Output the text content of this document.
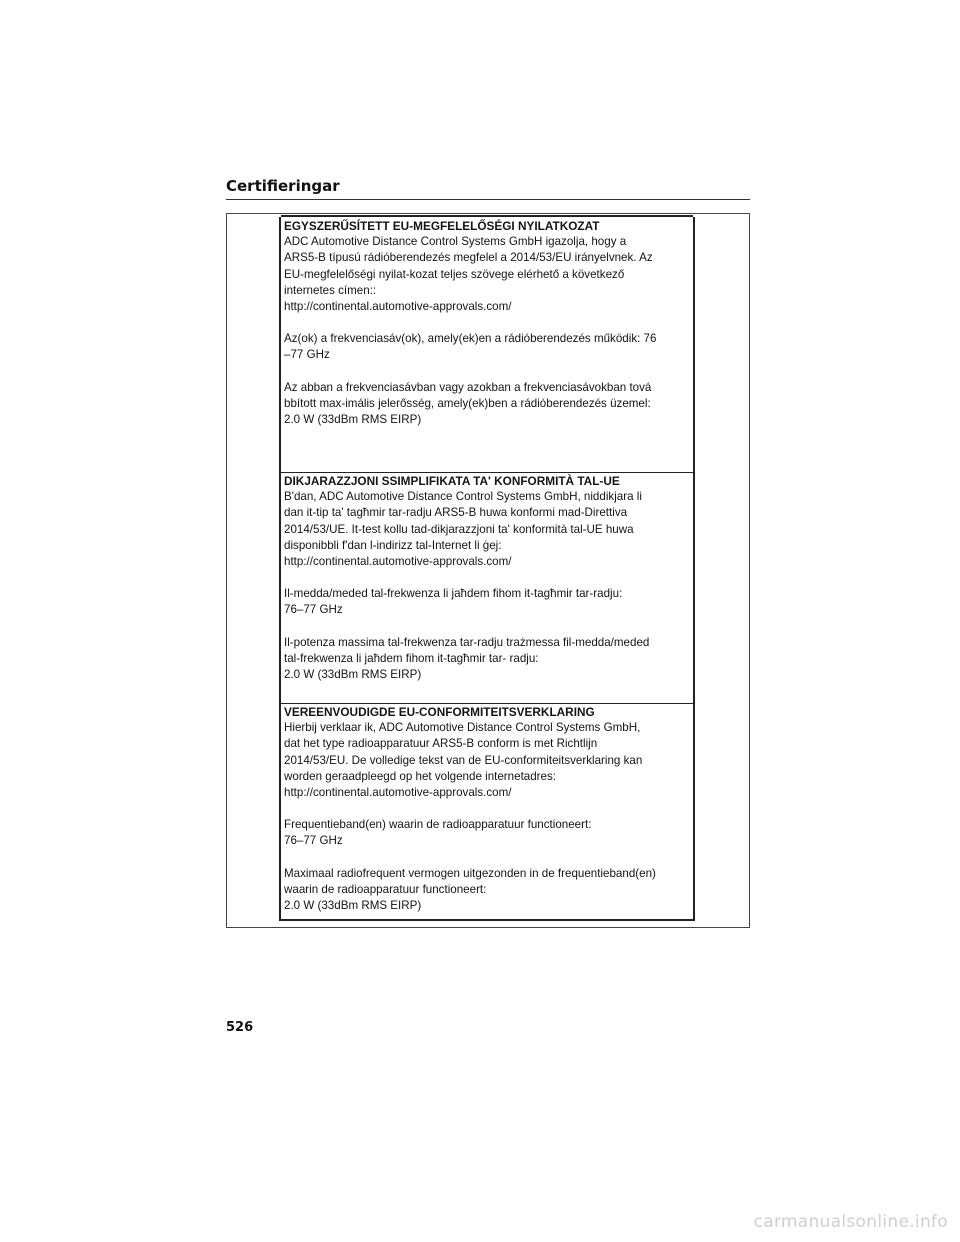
Certifieringar

EGYSZERŰSÍTETT EU-MEGFELELŐSÉGI NYILATKOZAT

ADC Automotive Distance Control Systems GmbH igazolja, hogy a
ARS5-B típusú rádióberendezés megfelel a 2014/53/EU irányelvnek. Az
EU-megfelelőségi nyilat-kozat teljes szövege elérhető a következő
internetes címen::
http://continental.automotive-approvals.com/

Az(ok) a frekvenciasáv(ok), amely(ek)en a rádióberendezés működik: 76
–77 GHz

Az abban a frekvenciasávban vagy azokban a frekvenciasávokban tová
bbított max-imális jelerősség, amely(ek)ben a rádióberendezés üzemel:
2.0 W (33dBm RMS EIRP)

DIKJARAZZJONI SSIMPLIFIKATA TA' KONFORMITÀ TAL-UE

B'dan, ADC Automotive Distance Control Systems GmbH, niddikjara li
dan it-tip ta' tagħmir tar-radju ARS5-B huwa konformi mad-Direttiva
2014/53/UE. It-test kollu tad-dikjarazzjoni ta' konformità tal-UE huwa
disponibbli f'dan l-indirizz tal-Internet li ġej:
http://continental.automotive-approvals.com/

Il-medda/meded tal-frekwenza li jaħdem fihom it-tagħmir tar-radju:
76–77 GHz

Il-potenza massima tal-frekwenza tar-radju trażmessa fil-medda/meded
tal-frekwenza li jaħdem fihom it-tagħmir tar- radju:
2.0 W (33dBm RMS EIRP)

VEREENVOUDIGDE EU-CONFORMITEITSVERKLARING

Hierbij verklaar ik, ADC Automotive Distance Control Systems GmbH,
dat het type radioapparatuur ARS5-B conform is met Richtlijn
2014/53/EU. De volledige tekst van de EU-conformiteitsverklaring kan
worden geraadpleegd op het volgende internetadres:
http://continental.automotive-approvals.com/

Frequentieband(en) waarin de radioapparatuur functioneert:
76–77 GHz

Maximaal radiofrequent vermogen uitgezonden in de frequentieband(en)
waarin de radioapparatuur functioneert:
2.0 W (33dBm RMS EIRP)

526
carmanualsonline.info
